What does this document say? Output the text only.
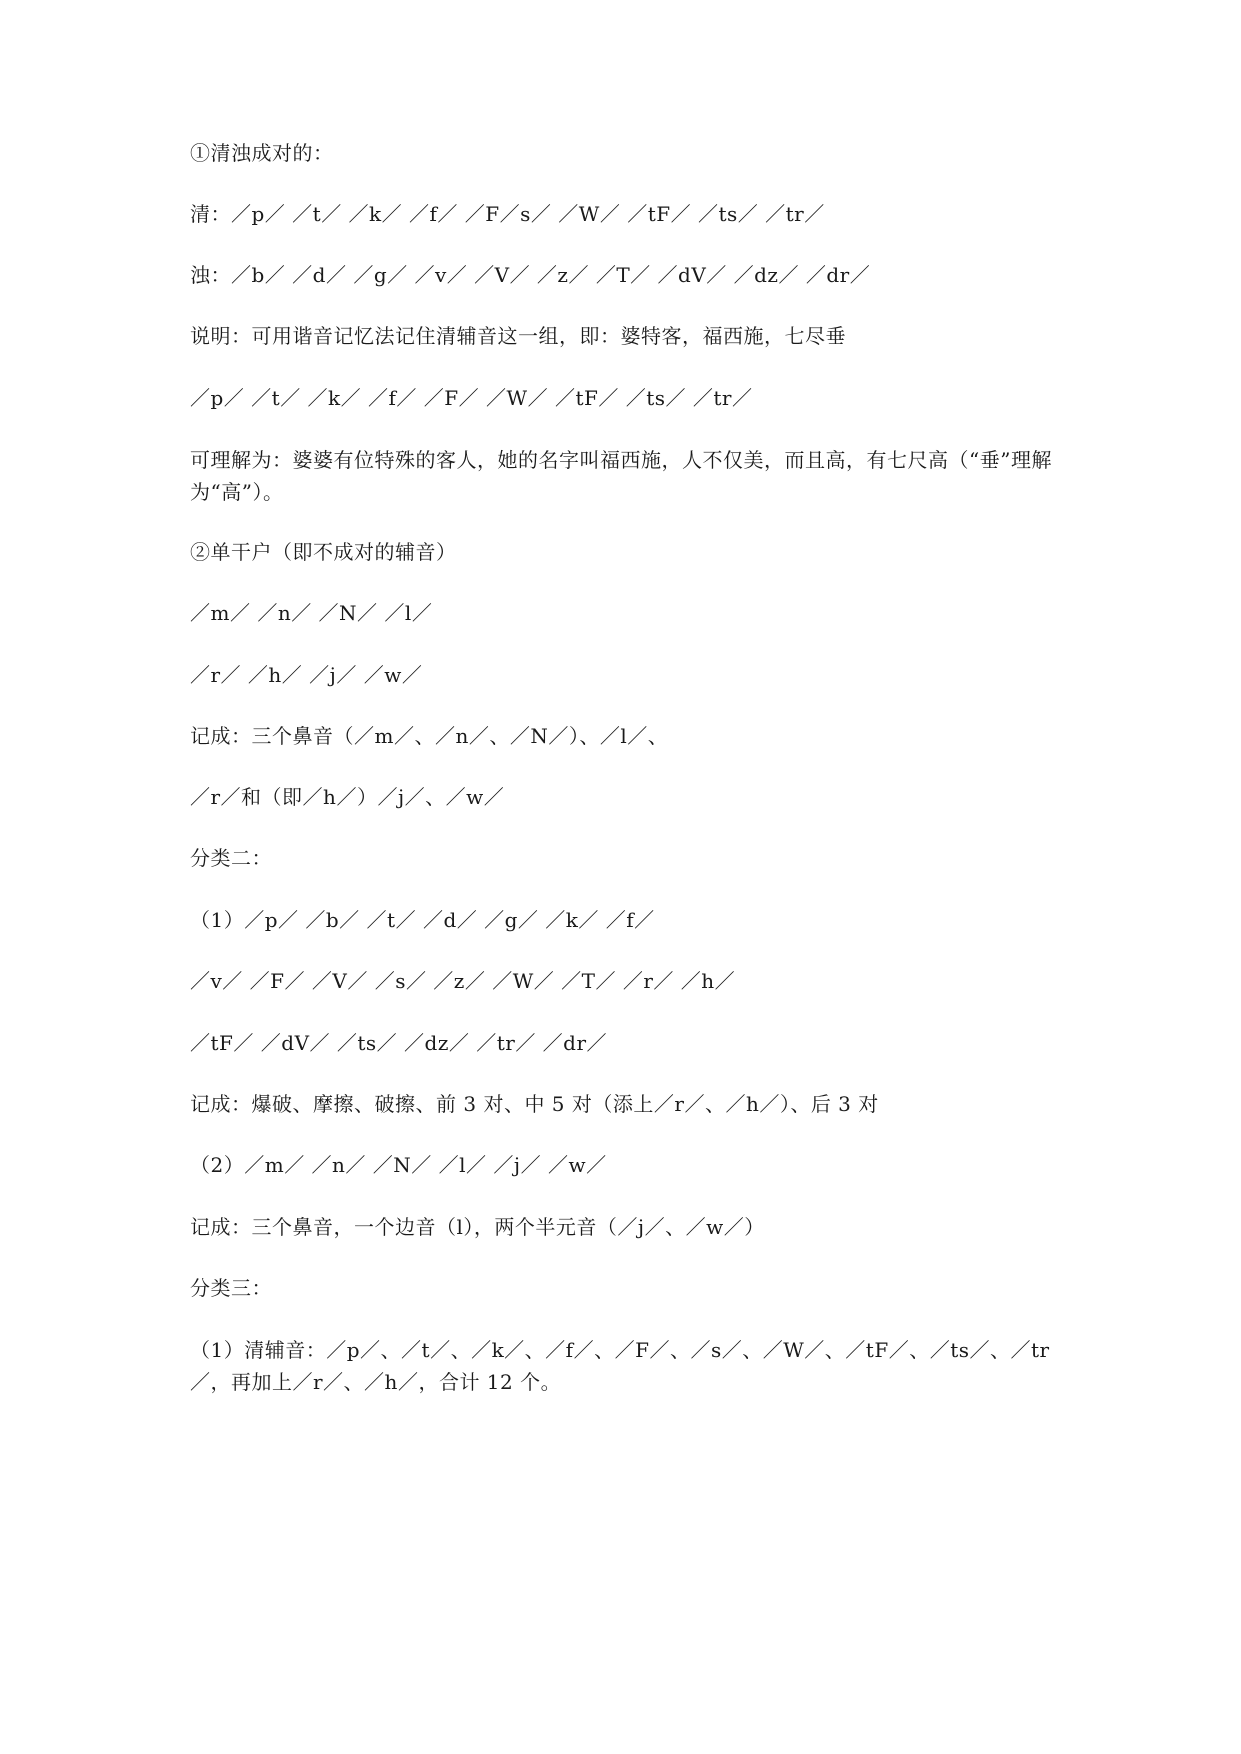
①清浊成对的：

清：／p／ ／t／ ／k／ ／f／ ／F／s／ ／W／ ／tF／ ／ts／ ／tr／

浊：／b／ ／d／ ／g／ ／v／ ／V／ ／z／ ／T／ ／dV／ ／dz／ ／dr／

说明：可用谐音记忆法记住清辅音这一组，即：婆特客，福西施，七尽垂

／p／ ／t／ ／k／ ／f／ ／F／ ／W／ ／tF／ ／ts／ ／tr／

可理解为：婆婆有位特殊的客人，她的名字叫福西施，人不仅美，而且高，有七尺高（“垂”理解为“高”）。

②单干户（即不成对的辅音）

／m／ ／n／ ／N／ ／l／

／r／ ／h／ ／j／ ／w／

记成：三个鼻音（／m／、／n／、／N／）、／l／、

／r／和（即／h／）／j／、／w／

分类二：

（1）／p／ ／b／ ／t／ ／d／ ／g／ ／k／ ／f／

／v／ ／F／ ／V／ ／s／ ／z／ ／W／ ／T／ ／r／ ／h／

／tF／ ／dV／ ／ts／ ／dz／ ／tr／ ／dr／

记成：爆破、摩擦、破擦、前 3 对、中 5 对（添上／r／、／h／）、后 3 对

（2）／m／ ／n／ ／N／ ／l／ ／j／ ／w／

记成：三个鼻音，一个边音（l），两个半元音（／j／、／w／）

分类三：

（1）清辅音：／p／、／t／、／k／、／f／、／F／、／s／、／W／、／tF／、／ts／、／tr／，再加上／r／、／h／，合计 12 个。
